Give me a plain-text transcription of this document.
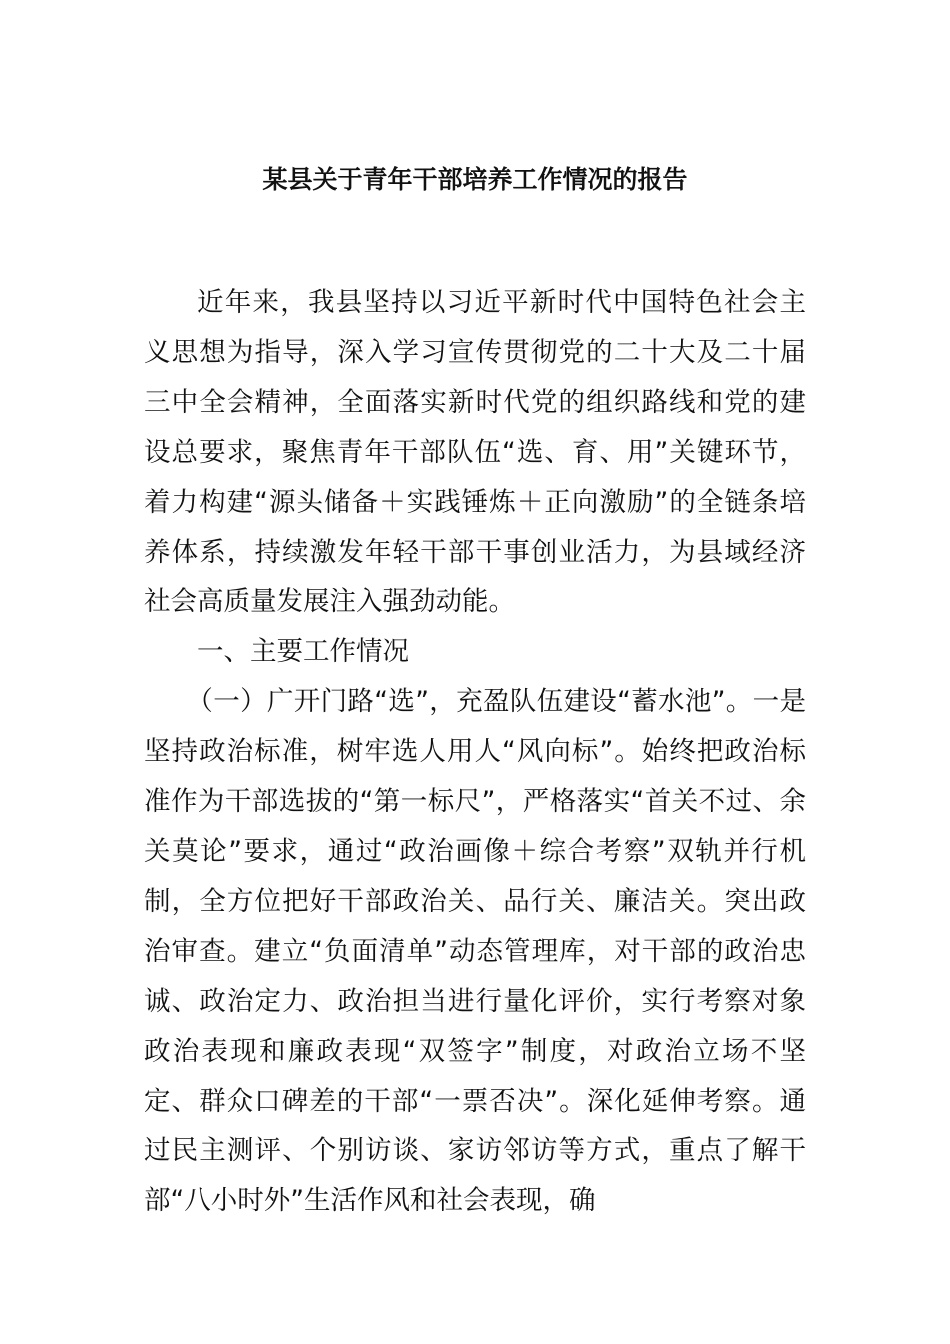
某县关于青年干部培养工作情况的报告

近年来，我县坚持以习近平新时代中国特色社会主义思想为指导，深入学习宣传贯彻党的二十大及二十届三中全会精神，全面落实新时代党的组织路线和党的建设总要求，聚焦青年干部队伍“选、育、用”关键环节，着力构建“源头储备＋实践锤炼＋正向激励”的全链条培养体系，持续激发年轻干部干事创业活力，为县域经济社会高质量发展注入强劲动能。

一、主要工作情况

（一）广开门路“选”，充盈队伍建设“蓄水池”。一是坚持政治标准，树牢选人用人“风向标”。始终把政治标准作为干部选拔的“第一标尺”，严格落实“首关不过、余关莫论”要求，通过“政治画像＋综合考察”双轨并行机制，全方位把好干部政治关、品行关、廉洁关。突出政治审查。建立“负面清单”动态管理库，对干部的政治忠诚、政治定力、政治担当进行量化评价，实行考察对象政治表现和廉政表现“双签字”制度，对政治立场不坚定、群众口碑差的干部“一票否决”。深化延伸考察。通过民主测评、个别访谈、家访邻访等方式，重点了解干部“八小时外”生活作风和社会表现，确
